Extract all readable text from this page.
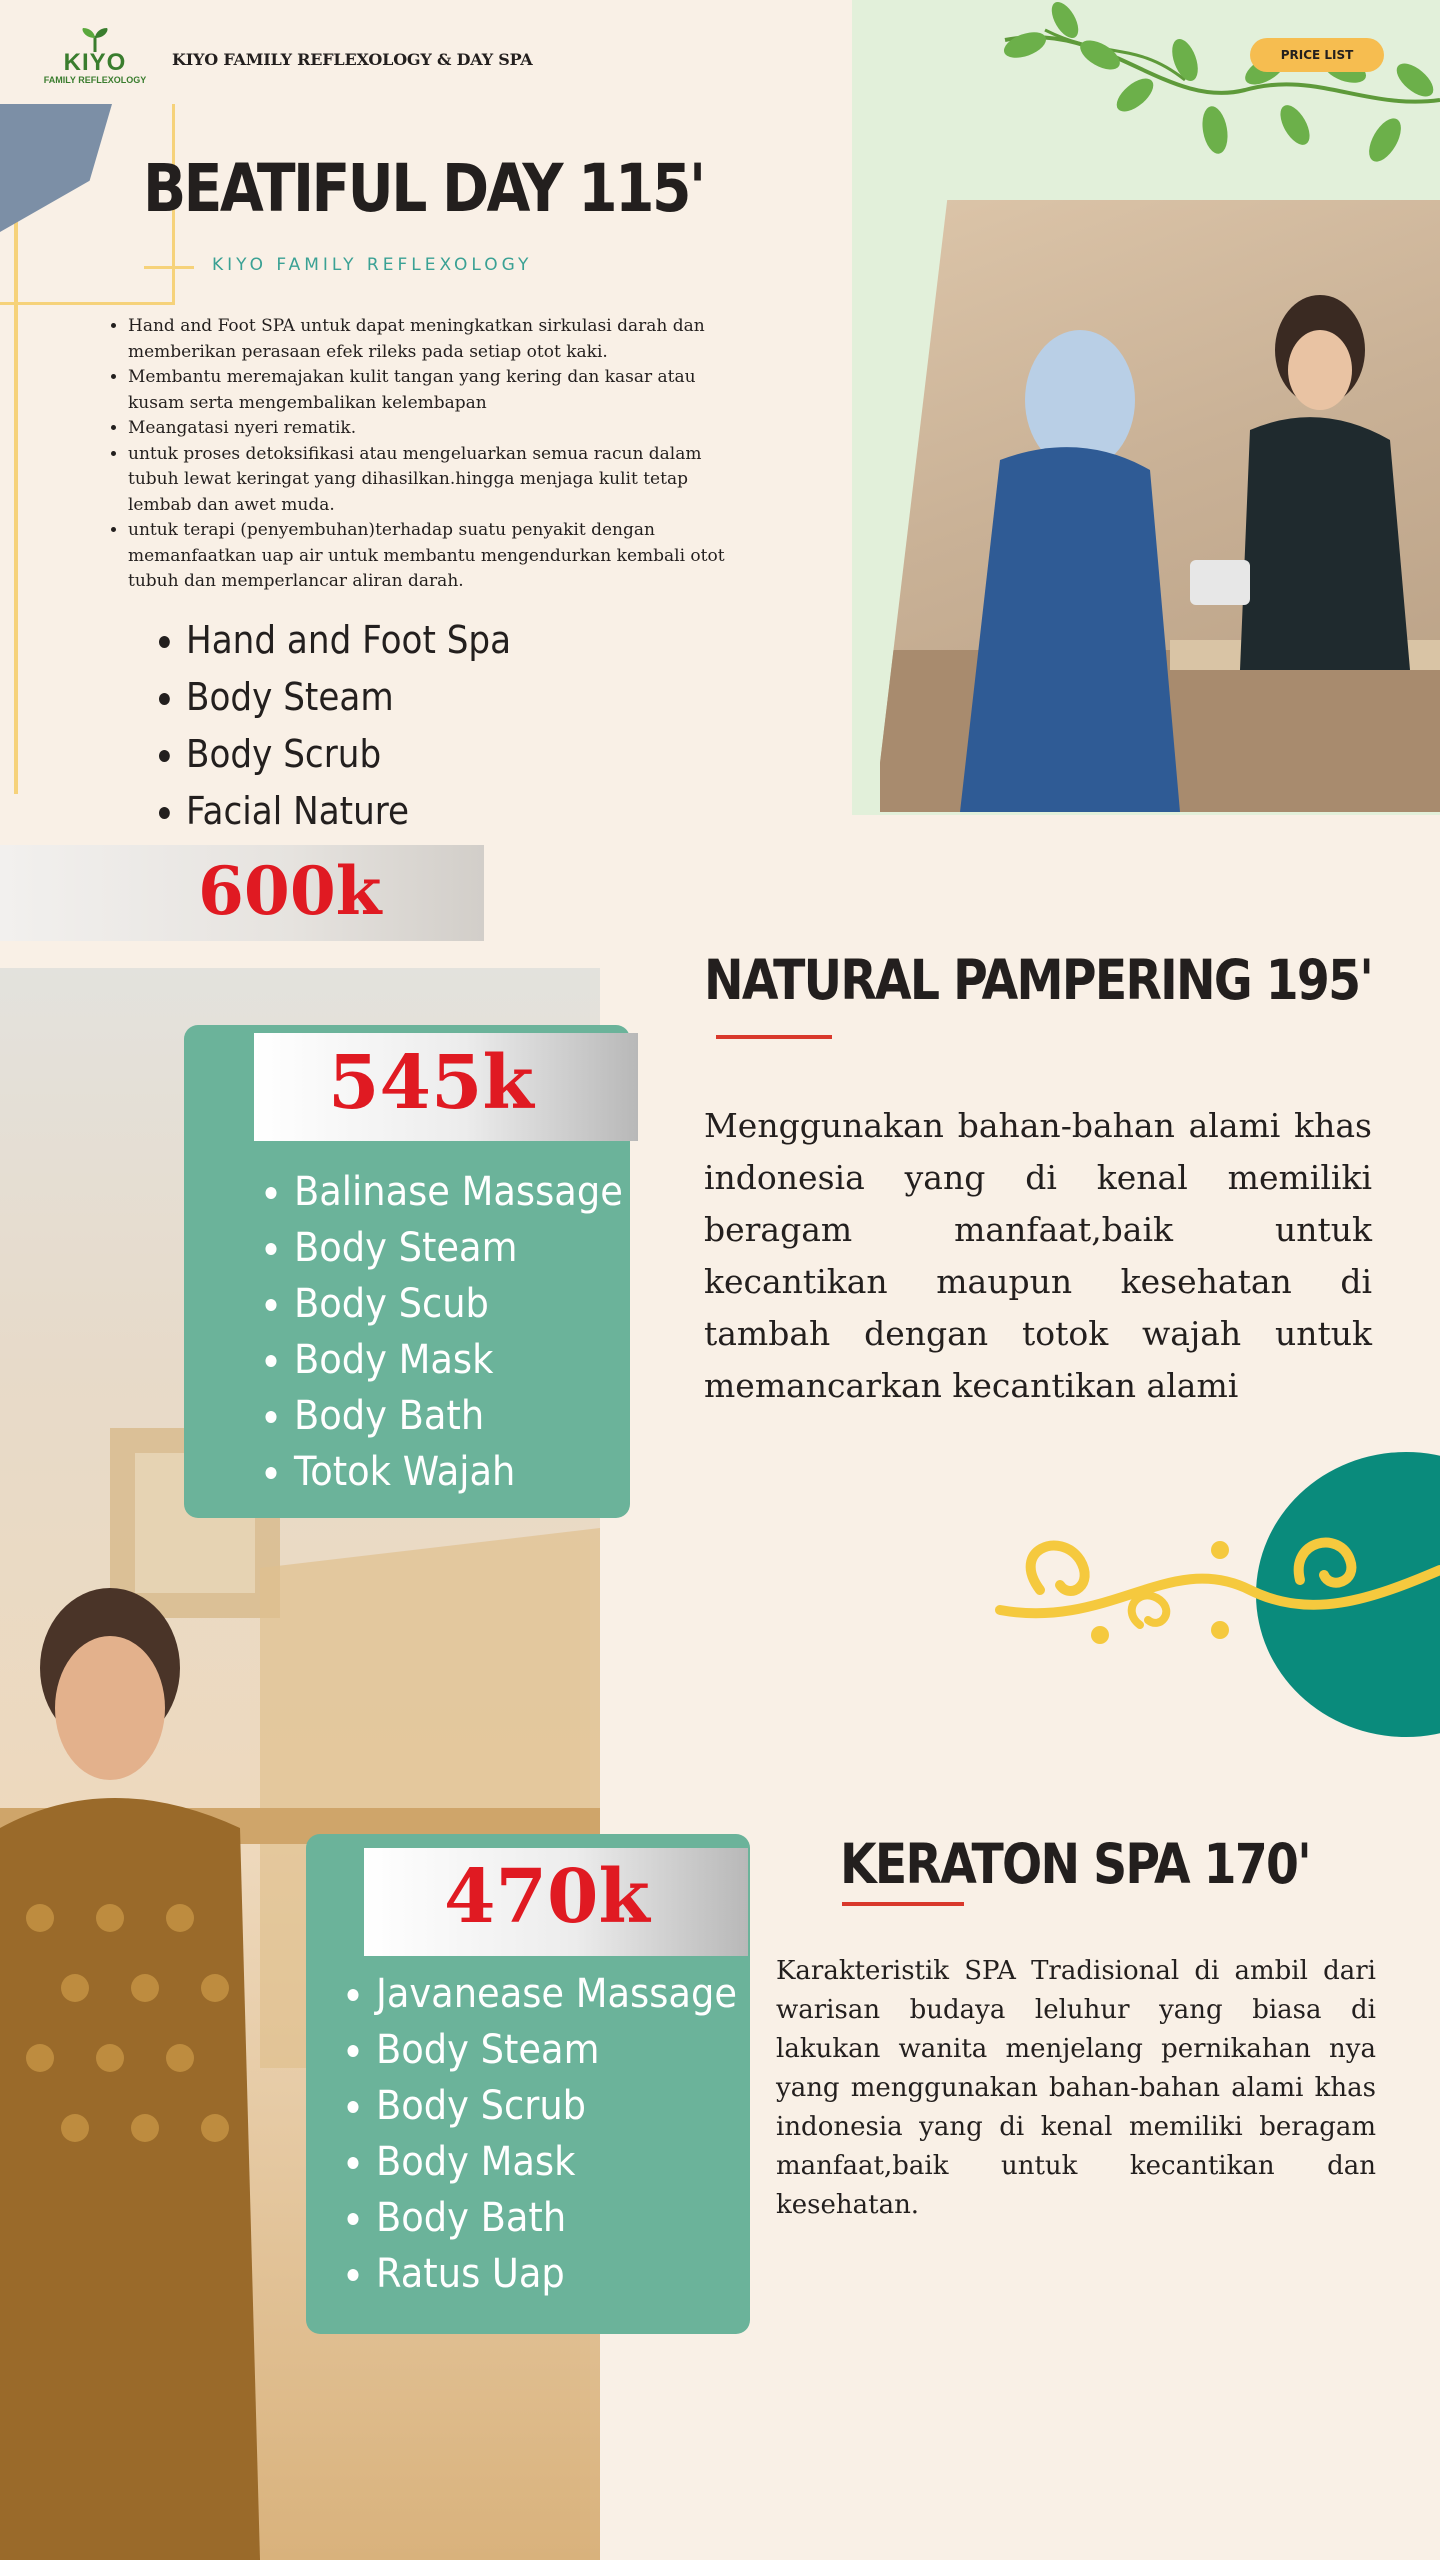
KIYO
FAMILY REFLEXOLOGY
KIYO FAMILY REFLEXOLOGY & DAY SPA	PRICE LIST
BEATIFUL DAY 115'
KIYO FAMILY REFLEXOLOGY
• Hand and Foot SPA untuk dapat meningkatkan sirkulasi darah dan memberikan perasaan efek rileks pada setiap otot kaki.
• Membantu meremajakan kulit tangan yang kering dan kasar atau kusam serta mengembalikan kelembapan
• Meangatasi nyeri rematik.
• untuk proses detoksifikasi atau mengeluarkan semua racun dalam tubuh lewat keringat yang dihasilkan.hingga menjaga kulit tetap lembab dan awet muda.
• untuk terapi (penyembuhan)terhadap suatu penyakit dengan memanfaatkan uap air untuk membantu mengendurkan kembali otot tubuh dan memperlancar aliran darah.
• Hand and Foot Spa
• Body Steam
• Body Scrub
• Facial Nature
600k
545k
• Balinase Massage
• Body Steam
• Body Scub
• Body Mask
• Body Bath
• Totok Wajah
NATURAL PAMPERING 195'
Menggunakan bahan-bahan alami khas indonesia yang di kenal memiliki beragam manfaat,baik untuk kecantikan maupun kesehatan di tambah dengan totok wajah untuk memancarkan kecantikan alami
470k
• Javanease Massage
• Body Steam
• Body Scrub
• Body Mask
• Body Bath
• Ratus Uap
KERATON SPA 170'
Karakteristik SPA Tradisional di ambil dari warisan budaya leluhur yang biasa di lakukan wanita menjelang pernikahan nya yang menggunakan bahan-bahan alami khas indonesia yang di kenal memiliki beragam manfaat,baik untuk kecantikan dan kesehatan.
